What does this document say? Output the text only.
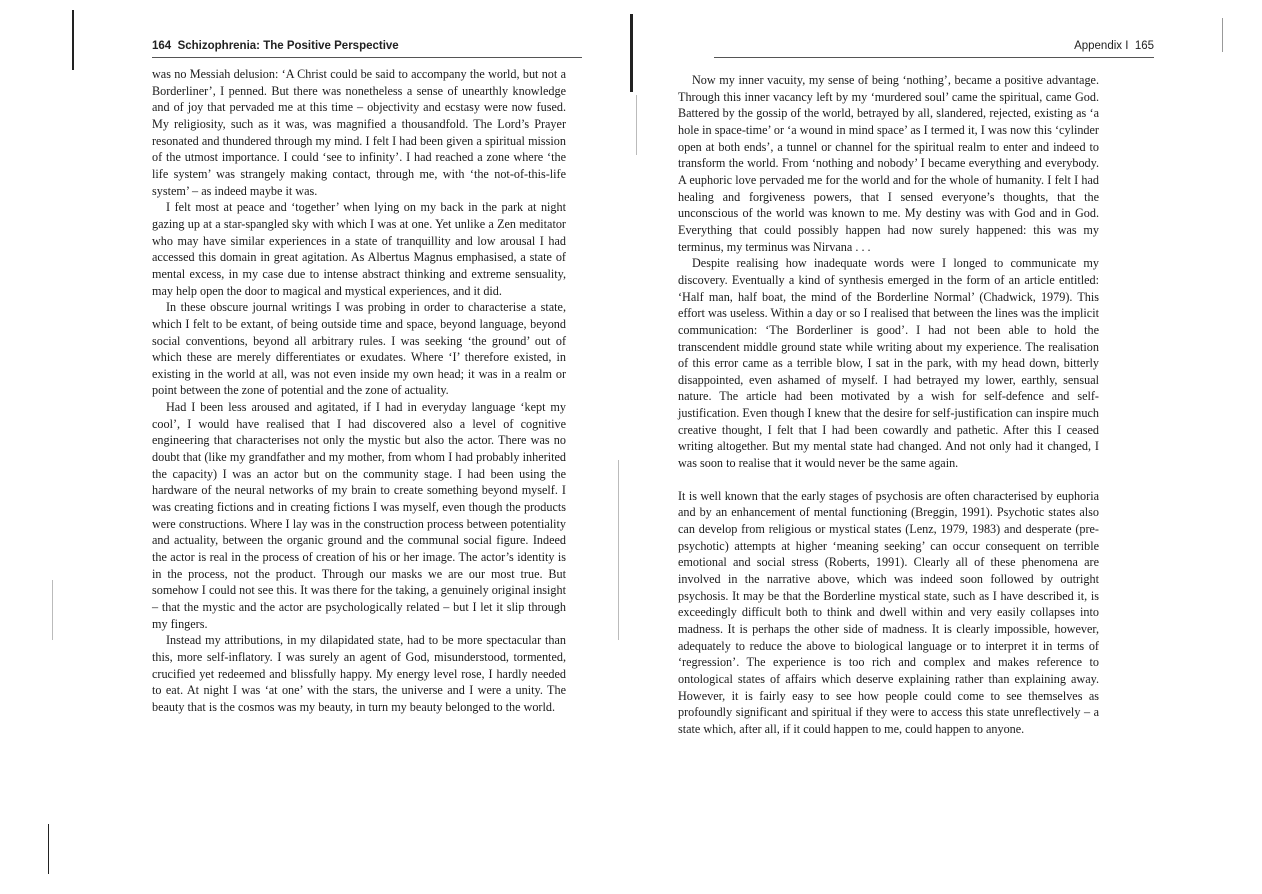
164 Schizophrenia: The Positive Perspective

was no Messiah delusion: ‘A Christ could be said to accompany the world, but not a Borderliner’, I penned. But there was nonetheless a sense of unearthly knowledge and of joy that pervaded me at this time – objectivity and ecstasy were now fused. My religiosity, such as it was, was magnified a thousandfold. The Lord’s Prayer resonated and thundered through my mind. I felt I had been given a spiritual mission of the utmost importance. I could ‘see to infinity’. I had reached a zone where ‘the life system’ was strangely making contact, through me, with ‘the not-of-this-life system’ – as indeed maybe it was.

I felt most at peace and ‘together’ when lying on my back in the park at night gazing up at a star-spangled sky with which I was at one. Yet unlike a Zen meditator who may have similar experiences in a state of tranquillity and low arousal I had accessed this domain in great agitation. As Albertus Magnus emphasised, a state of mental excess, in my case due to intense abstract thinking and extreme sensuality, may help open the door to magical and mystical experiences, and it did.

In these obscure journal writings I was probing in order to characterise a state, which I felt to be extant, of being outside time and space, beyond language, beyond social conventions, beyond all arbitrary rules. I was seeking ‘the ground’ out of which these are merely differentiates or exudates. Where ‘I’ therefore existed, in existing in the world at all, was not even inside my own head; it was in a realm or point between the zone of potential and the zone of actuality.

Had I been less aroused and agitated, if I had in everyday language ‘kept my cool’, I would have realised that I had discovered also a level of cognitive engineering that characterises not only the mystic but also the actor. There was no doubt that (like my grandfather and my mother, from whom I had probably inherited the capacity) I was an actor but on the community stage. I had been using the hardware of the neural networks of my brain to create something beyond myself. I was creating fictions and in creating fictions I was myself, even though the products were constructions. Where I lay was in the construction process between potentiality and actuality, between the organic ground and the communal social figure. Indeed the actor is real in the process of creation of his or her image. The actor’s identity is in the process, not the product. Through our masks we are our most true. But somehow I could not see this. It was there for the taking, a genuinely original insight – that the mystic and the actor are psychologically related – but I let it slip through my fingers.

Instead my attributions, in my dilapidated state, had to be more spectacular than this, more self-inflatory. I was surely an agent of God, misunderstood, tormented, crucified yet redeemed and blissfully happy. My energy level rose, I hardly needed to eat. At night I was ‘at one’ with the stars, the universe and I were a unity. The beauty that is the cosmos was my beauty, in turn my beauty belonged to the world.

Appendix I 165

Now my inner vacuity, my sense of being ‘nothing’, became a positive advantage. Through this inner vacancy left by my ‘murdered soul’ came the spiritual, came God. Battered by the gossip of the world, betrayed by all, slandered, rejected, existing as ‘a hole in space-time’ or ‘a wound in mind space’ as I termed it, I was now this ‘cylinder open at both ends’, a tunnel or channel for the spiritual realm to enter and indeed to transform the world. From ‘nothing and nobody’ I became everything and everybody. A euphoric love pervaded me for the world and for the whole of humanity. I felt I had healing and forgiveness powers, that I sensed everyone’s thoughts, that the unconscious of the world was known to me. My destiny was with God and in God. Everything that could possibly happen had now surely happened: this was my terminus, my terminus was Nirvana . . .

Despite realising how inadequate words were I longed to communicate my discovery. Eventually a kind of synthesis emerged in the form of an article entitled: ‘Half man, half boat, the mind of the Borderline Normal’ (Chadwick, 1979). This effort was useless. Within a day or so I realised that between the lines was the implicit communication: ‘The Borderliner is good’. I had not been able to hold the transcendent middle ground state while writing about my experience. The realisation of this error came as a terrible blow, I sat in the park, with my head down, bitterly disappointed, even ashamed of myself. I had betrayed my lower, earthly, sensual nature. The article had been motivated by a wish for self-defence and self-justification. Even though I knew that the desire for self-justification can inspire much creative thought, I felt that I had been cowardly and pathetic. After this I ceased writing altogether. But my mental state had changed. And not only had it changed, I was soon to realise that it would never be the same again.

It is well known that the early stages of psychosis are often characterised by euphoria and by an enhancement of mental functioning (Breggin, 1991). Psychotic states also can develop from religious or mystical states (Lenz, 1979, 1983) and desperate (pre-psychotic) attempts at higher ‘meaning seeking’ can occur consequent on terrible emotional and social stress (Roberts, 1991). Clearly all of these phenomena are involved in the narrative above, which was indeed soon followed by outright psychosis. It may be that the Borderline mystical state, such as I have described it, is exceedingly difficult both to think and dwell within and very easily collapses into madness. It is perhaps the other side of madness. It is clearly impossible, however, adequately to reduce the above to biological language or to interpret it in terms of ‘regression’. The experience is too rich and complex and makes reference to ontological states of affairs which deserve explaining rather than explaining away. However, it is fairly easy to see how people could come to see themselves as profoundly significant and spiritual if they were to access this state unreflectively – a state which, after all, if it could happen to me, could happen to anyone.
